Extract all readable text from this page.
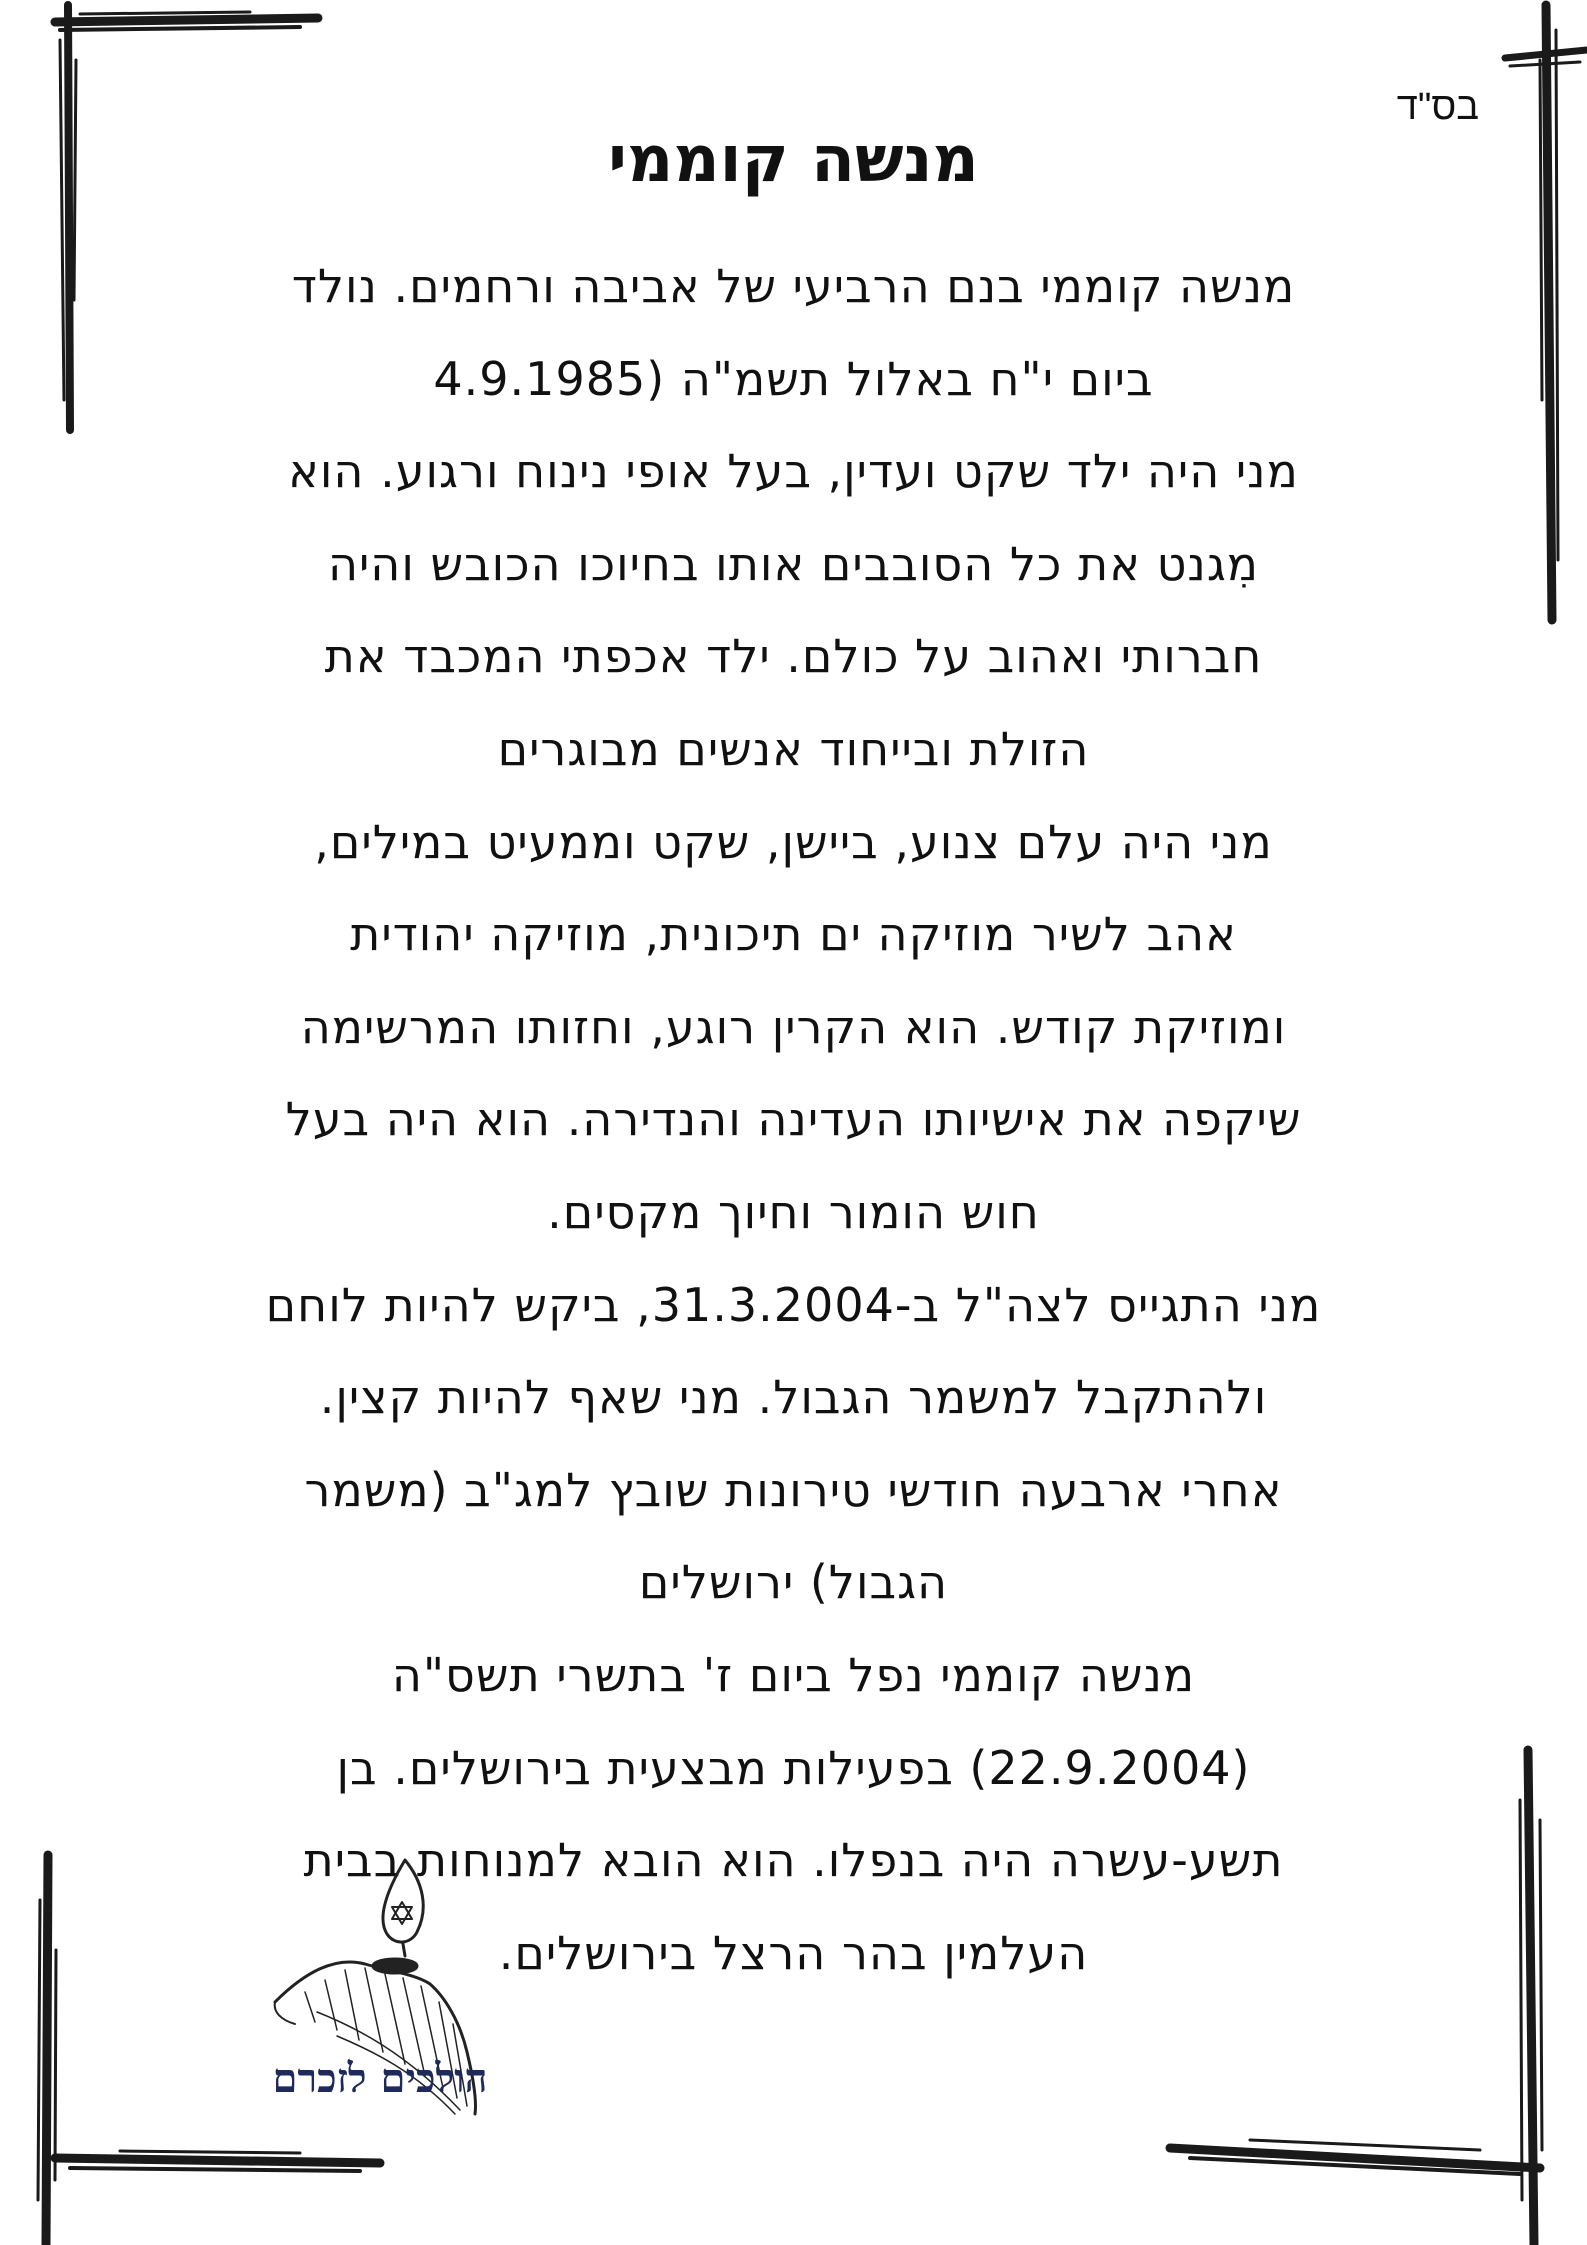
בס"ד
מנשה קוממי
מנשה קוממי בנם הרביעי של אביבה ורחמים. נולד
ביום י"ח באלול תשמ"ה (4.9.1985
מני היה ילד שקט ועדין, בעל אופי נינוח ורגוע. הוא
מִגנט את כל הסובבים אותו בחיוכו הכובש והיה
חברותי ואהוב על כולם. ילד אכפתי המכבד את
הזולת ובייחוד אנשים מבוגרים
מני היה עלם צנוע, ביישן, שקט וממעיט במילים,
אהב לשיר מוזיקה ים תיכונית, מוזיקה יהודית
ומוזיקת קודש. הוא הקרין רוגע, וחזותו המרשימה
שיקפה את אישיותו העדינה והנדירה. הוא היה בעל
חוש הומור וחיוך מקסים.
מני התגייס לצה"ל ב-31.3.2004, ביקש להיות לוחם
ולהתקבל למשמר הגבול. מני שאף להיות קצין.
אחרי ארבעה חודשי טירונות שובץ למג"ב (משמר
הגבול) ירושלים
מנשה קוממי נפל ביום ז' בתשרי תשס"ה
(22.9.2004) בפעילות מבצעית בירושלים. בן
תשע-עשרה היה בנפלו. הוא הובא למנוחות בבית
העלמין בהר הרצל בירושלים.
הולכים לזכרם
